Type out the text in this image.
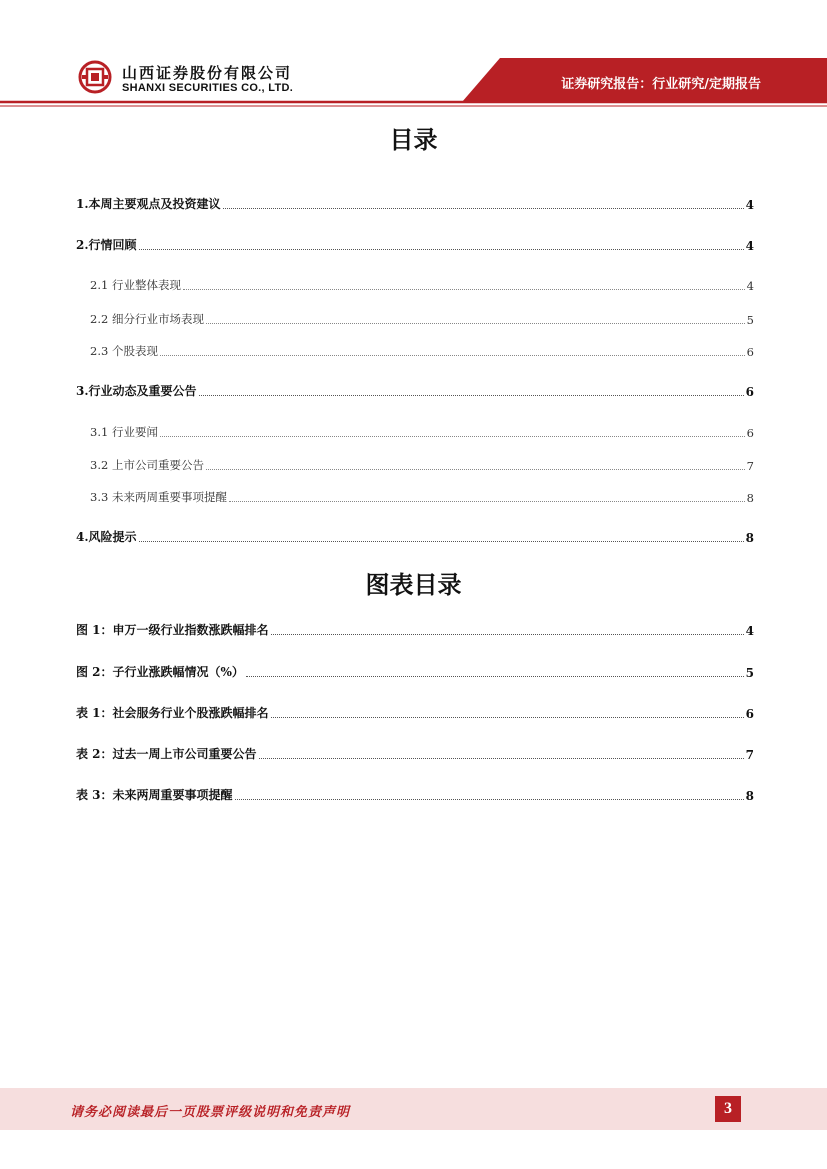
山西证券股份有限公司
SHANXI SECURITIES CO., LTD.	证券研究报告：行业研究/定期报告
目录
1.本周主要观点及投资建议	4
2.行情回顾	4
2.1 行业整体表现	4
2.2 细分行业市场表现	5
2.3 个股表现	6
3.行业动态及重要公告	6
3.1 行业要闻	6
3.2 上市公司重要公告	7
3.3 未来两周重要事项提醒	8
4.风险提示	8
图表目录
图 1：申万一级行业指数涨跌幅排名	4
图 2：子行业涨跌幅情况（%）	5
表 1：社会服务行业个股涨跌幅排名	6
表 2：过去一周上市公司重要公告	7
表 3：未来两周重要事项提醒	8
请务必阅读最后一页股票评级说明和免责声明	3
